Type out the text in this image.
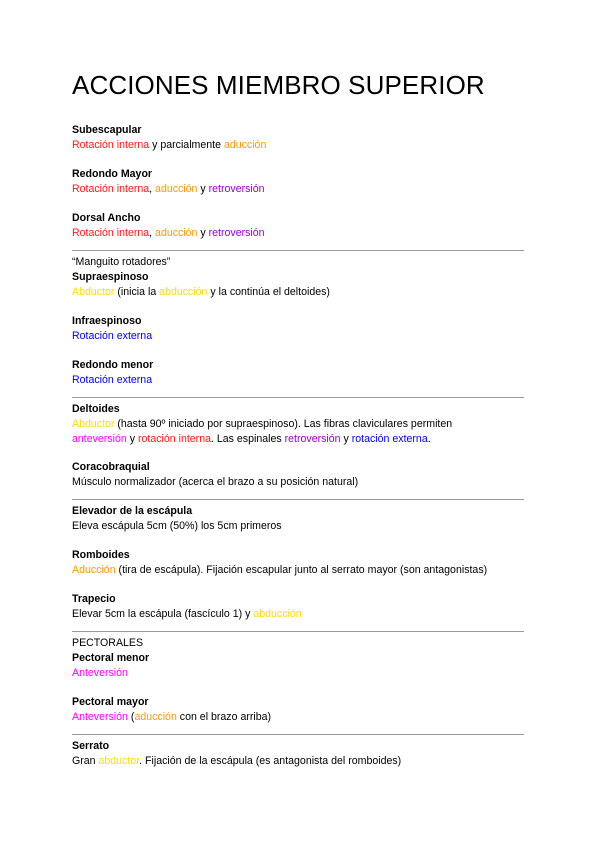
ACCIONES MIEMBRO SUPERIOR
Subescapular
Rotación interna y parcialmente aducción
Redondo Mayor
Rotación interna, aducción y retroversión
Dorsal Ancho
Rotación interna, aducción y retroversión
“Manguito rotadores”
Supraespinoso
Abductor (inicia la abducción y la continúa el deltoides)
Infraespinoso
Rotación externa
Redondo menor
Rotación externa
Deltoides
Abductor (hasta 90º iniciado por supraespinoso). Las fibras claviculares permiten
anteversión y rotación interna. Las espinales retroversión y rotación externa.
Coracobraquial
Músculo normalizador (acerca el brazo a su posición natural)
Elevador de la escápula
Eleva escápula 5cm (50%) los 5cm primeros
Romboides
Aducción (tira de escápula). Fijación escapular junto al serrato mayor (son antagonistas)
Trapecio
Elevar 5cm la escápula (fascículo 1) y abducción
PECTORALES
Pectoral menor
Anteversión
Pectoral mayor
Anteversión (aducción con el brazo arriba)
Serrato
Gran abductor. Fijación de la escápula (es antagonista del romboides)
